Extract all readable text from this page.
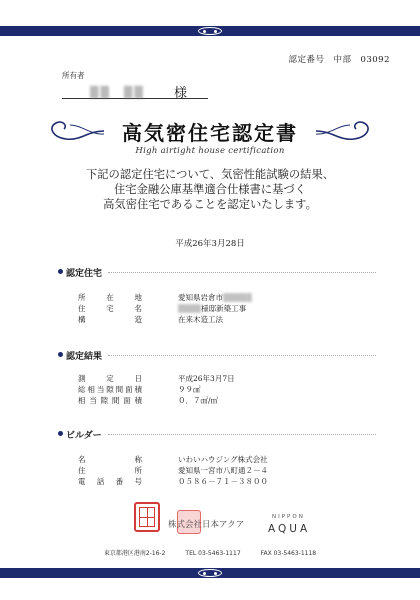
認定番号　中部　03092
所有者
▒▒　▒▒ 様
高気密住宅認定書
High airtight house certification
下記の認定住宅について、気密性能試験の結果、
住宅金融公庫基準適合仕様書に基づく
高気密住宅であることを認定いたします。
平成26年3月28日
認定住宅
所在地	愛知県岩倉市▒▒▒▒▒
住宅名	▒▒▒▒様邸新築工事
構造	在来木造工法
認定結果
測定日	平成26年3月7日
総相当隙間面積	９９㎠
相当隙間面積	０．７㎠/㎡
ビルダー
名称	いわいハウジング株式会社
住所	愛知県一宮市八町通２－４
電話番号	０５８６－７１－３８００
株式会社日本アクア
NIPPON
AQUA
東京都港区港南2-16-2	TEL 03-5463-1117	FAX 03-5463-1118
